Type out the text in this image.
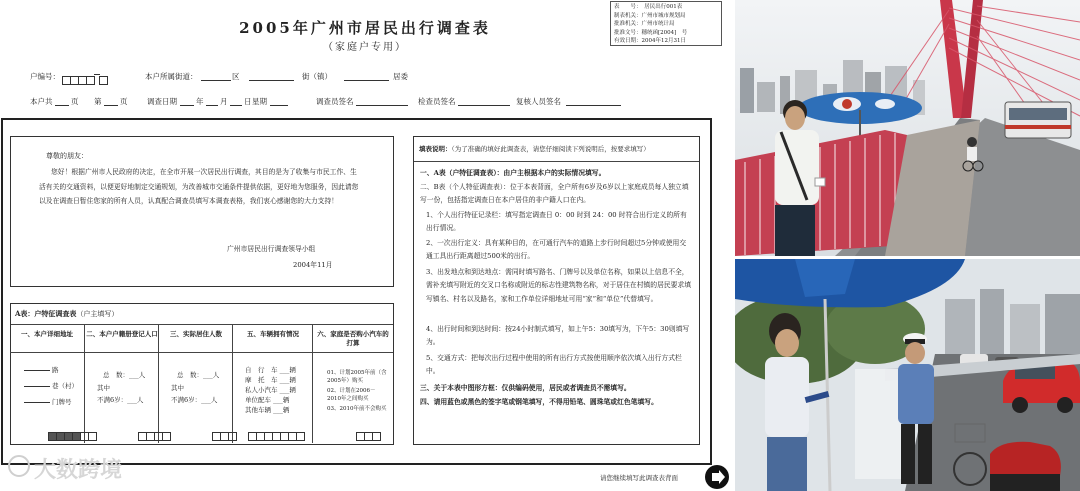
2005年广州市居民出行调查表
（家庭户专用）
表　　号：　居民出行001表
制表机关：广州市城市规划局
批准机关：广州市统计局
批准文号：穗统函[2004]　号
有效日期：2004年12月31日
户编号：	本户所属街道：	区	街（镇）	居委
本户共 页 第 页	调查日期	年 月 日 星期	调查员签名	检查员签名	复核人员签名
尊敬的朋友：
您好！根据广州市人民政府的决定，在全市开展一次居民出行调查，其目的是为了收集与市民工作、生活有关的交通资料，以便更好地制定交通规划，为改善城市交通条件提供依据，更好地为您服务，因此请您以及在调查日暂住您家的所有人员，认真配合调查员填写本调查表格，我们衷心感谢您的大力支持！
广州市居民出行调查领导小组
2004年11月
A表：户特征调查表（户主填写）
一、本户详细地址
路
巷（村）
门牌号
二、本户户籍册登记人口
总　数：___人
其中
不满6岁：___人
三、实际居住人数
总　数：___人
其中
不满6岁：___人
五、车辆拥有情况
自　行　车 ___辆
摩　托　车 ___辆
私人小汽车 ___辆
单位配车 ___辆
其他车辆 ___辆
六、家庭是否购小汽车的打算
01、计划2005年前（含2005年）购买
02、计划在2006－2010年之间购买
03、2010年前不会购买
填表说明：（为了准确的填好此调查表，请您仔细阅读下列说明后，按要求填写）
一、A表（户特征调查表）：由户主根据本户的实际情况填写。
二、B表（个人特征调查表）：位于本表背面，全户所有6岁及6岁以上家庭成员每人独立填写一份，包括指定调查日在本户居住的非户籍人口在内。
1、个人出行特征记录栏：填写指定调查日 0：00 时到 24：00 时符合出行定义的所有出行情况。
2、一次出行定义：具有某种目的，在可通行汽车的道路上步行时间超过5分钟或使用交通工具出行距离超过500米的出行。
3、出发地点和到达地点：需同时填写路名、门牌号以及单位名称，如果以上信息不全，需补充填写附近的交叉口名称或附近的标志性建筑物名称，对于居住在村镇的居民要求填写镇名、村名以及路名，家和工作单位详细地址可用“家”和“单位”代替填写。
4、出行时间和到达时间：按24小时制式填写，如上午5：30填写为，下午5：30则填写为。
5、交通方式：把每次出行过程中使用的所有出行方式按使用顺序依次填入出行方式栏中。
三、关于本表中图形方框：仅供编码使用，居民或者调查员不需填写。
四、请用蓝色或黑色的签字笔或钢笔填写，不得用铅笔、圆珠笔或红色笔填写。
请您继续填写此调查表背面
大数跨境
